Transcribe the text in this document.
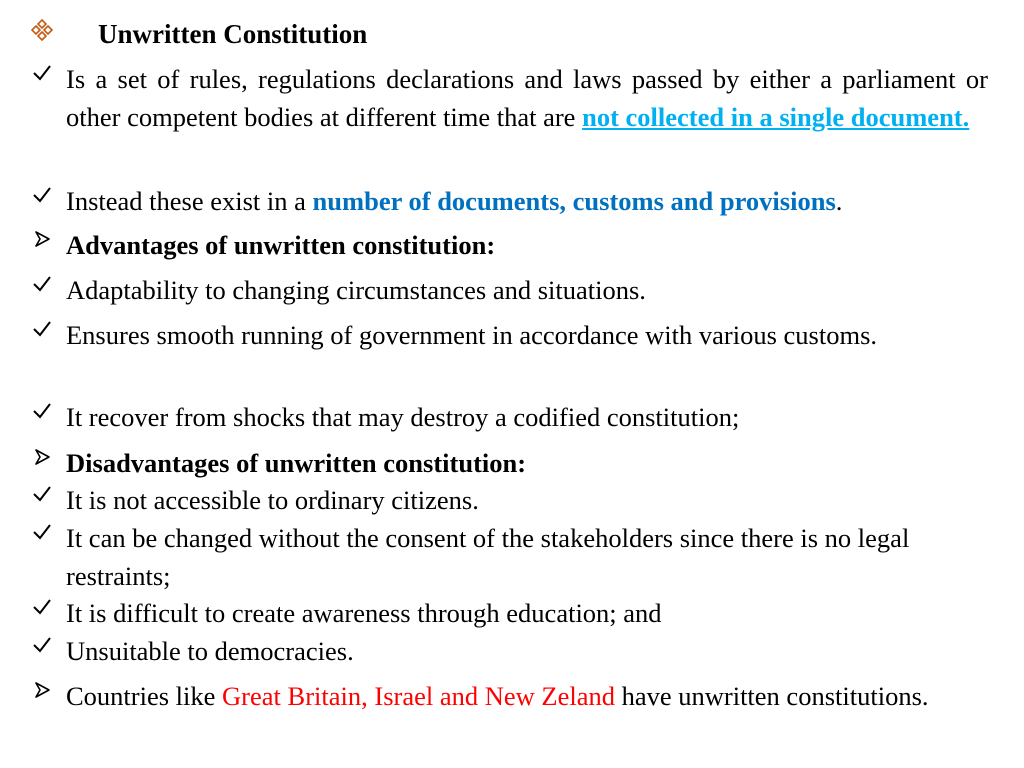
Unwritten Constitution
Is a set of rules, regulations declarations and laws passed by either a parliament or other competent bodies at different time that are not collected in a single document.
Instead these exist in a number of documents, customs and provisions.
Advantages of unwritten constitution:
Adaptability to changing circumstances and situations.
Ensures smooth running of government in accordance with various customs.
It recover from shocks that may destroy a codified constitution;
Disadvantages of unwritten constitution:
It is not accessible to ordinary citizens.
It can be changed without the consent of the stakeholders since there is no legal restraints;
It is difficult to create awareness through education; and
Unsuitable to democracies.
Countries like Great Britain, Israel and New Zeland have unwritten constitutions.
